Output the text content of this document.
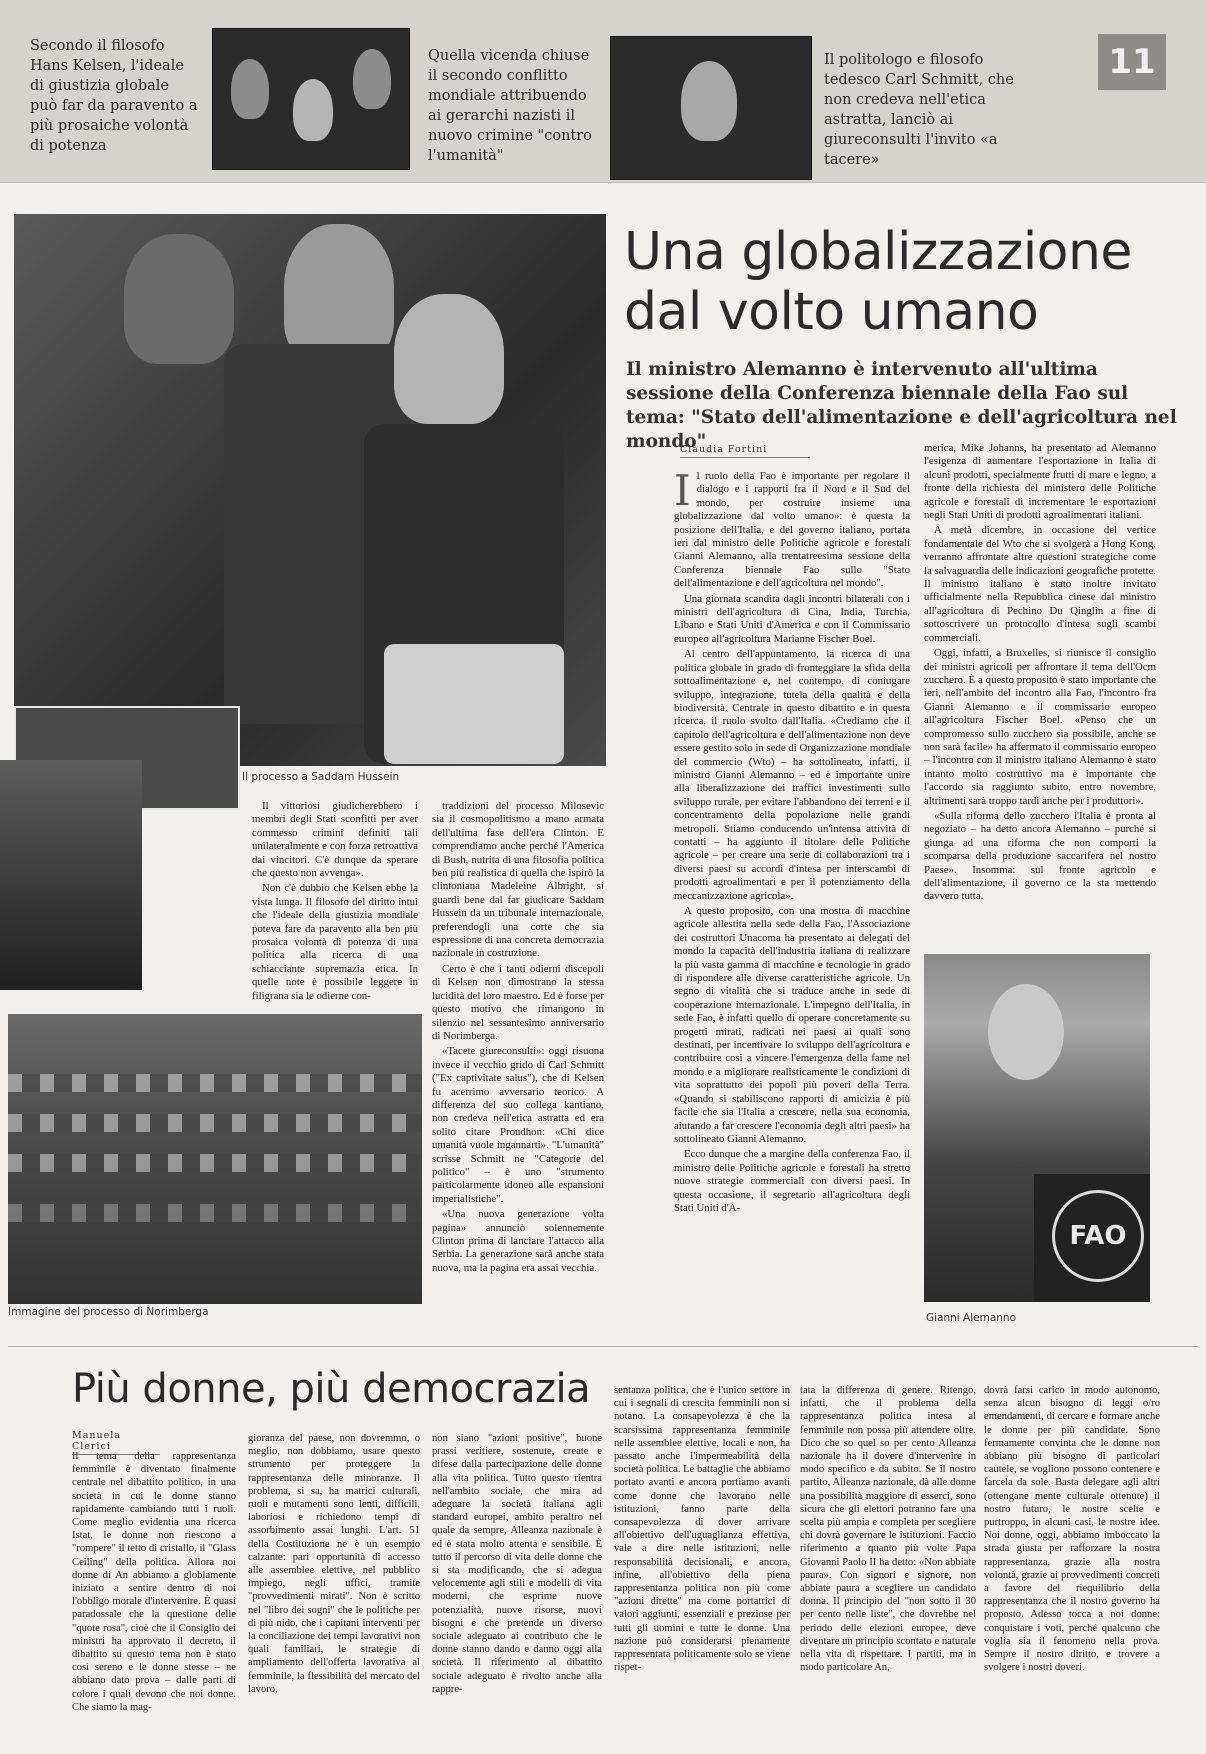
Secondo il filosofo Hans Kelsen, l'ideale di giustizia globale può far da paravento a più prosaiche volontà di potenza
Quella vicenda chiuse il secondo conflitto mondiale attribuendo ai gerarchi nazisti il nuovo crimine "contro l'umanità"
Il politologo e filosofo tedesco Carl Schmitt, che non credeva nell'etica astratta, lanciò ai giureconsulti l'invito «a tacere»
11
Il processo a Saddam Hussein

Il vittoriosi giudicherebbero i membri degli Stati sconfitti per aver commesso crimini definiti tali unilateralmente e con forza retroattiva dai vincitori. C'è dunque da sperare che questo non avvenga».

Non c'è dubbio che Kelsen ebbe la vista lunga. Il filosofo del diritto intuì che l'ideale della giustizia mondiale poteva fare da paravento alla ben più prosaica volontà di potenza di una politica alla ricerca di una schiacciante supremazia etica. In quelle note è possibile leggere in filigrana sia le odierne con-

traddizioni del processo Milosevic sia il cosmopolitismo a mano armata dell'ultima fase dell'era Clinton. E comprendiamo anche perché l'America di Bush, nutrita di una filosofia politica ben più realistica di quella che ispirò la clintoniana Madeleine Albright, si guardi bene dal far giudicare Saddam Hussein da un tribunale internazionale, preferendogli una corte che sia espressione di una concreta democrazia nazionale in costruzione.

Certo è che i tanti odierni discepoli di Kelsen non dimostrano la stessa lucidità del loro maestro. Ed è forse per questo motivo che rimangono in silenzio nel sessantesimo anniversario di Norimberga.

«Tacete giureconsulti»: oggi risuona invece il vecchio grido di Carl Schmitt ("Ex captivitate salus"), che di Kelsen fu acerrimo avversario teorico. A differenza del suo collega kantiano, non credeva nell'etica astratta ed era solito citare Proudhon: «Chi dice umanità vuole ingannarti». "L'umanità" scrisse Schmitt ne "Categorie del politico" – è uno "strumento particolarmente idoneo alle espansioni imperialistiche".

«Una nuova generazione volta pagina» annunciò solennemente Clinton prima di lanciare l'attacco alla Serbia. La generazione sarà anche stata nuova, ma la pagina era assai vecchia.

Immagine del processo di Norimberga
Una globalizzazione
dal volto umano
Il ministro Alemanno è intervenuto all'ultima sessione della Conferenza biennale della Fao sul tema: "Stato dell'alimentazione e dell'agricoltura nel mondo"
Claudia Fortini
I l ruolo della Fao è importante per regolare il dialogo e i rapporti fra il Nord e il Sud del mondo, per costruire insieme una globalizzazione dal volto umano»: è questa la posizione dell'Italia, e del governo italiano, portata ieri dal ministro delle Politiche agricole e forestali Gianni Alemanno, alla trentatreesima sessione della Conferenza biennale Fao sullo "Stato dell'alimentazione e dell'agricoltura nel mondo".

Una giornata scandita dagli incontri bilaterali con i ministri dell'agricoltura di Cina, India, Turchia, Libano e Stati Uniti d'America e con il Commissario europeo all'agricoltura Marianne Fischer Boel.

Al centro dell'appuntamento, la ricerca di una politica globale in grado di fronteggiare la sfida della sottoalimentazione e, nel contempo, di coniugare sviluppo, integrazione, tutela della qualità e della biodiversità. Centrale in questo dibattito e in questa ricerca, il ruolo svolto dall'Italia. «Crediamo che il capitolo dell'agricoltura e dell'alimentazione non deve essere gestito solo in sede di Organizzazione mondiale del commercio (Wto) – ha sottolineato, infatti, il ministro Gianni Alemanno – ed è importante unire alla liberalizzazione dei traffici investimenti sullo sviluppo rurale, per evitare l'abbandono dei terreni e il concentramento della popolazione nelle grandi metropoli. Stiamo conducendo un'intensa attività di contatti – ha aggiunto il titolare delle Politiche agricole – per creare una serie di collaborazioni tra i diversi paesi su accordi d'intesa per interscambi di prodotti agroalimentari e per il potenziamento della meccanizzazione agricola».

A questo proposito, con una mostra di macchine agricole allestita nella sede della Fao, l'Associazione dei costruttori Unacoma ha presentato ai delegati del mondo la capacità dell'industria italiana di realizzare la più vasta gamma di macchine e tecnologie in grado di rispondere alle diverse caratteristiche agricole. Un segno di vitalità che si traduce anche in sede di cooperazione internazionale. L'impegno dell'Italia, in sede Fao, è infatti quello di operare concretamente su progetti mirati, radicati nei paesi ai quali sono destinati, per incentivare lo sviluppo dell'agricoltura e contribuire così a vincere l'emergenza della fame nel mondo e a migliorare realisticamente le condizioni di vita soprattutto dei popoli più poveri della Terra. «Quando si stabiliscono rapporti di amicizia è più facile che sia l'Italia a crescere, nella sua economia, aiutando a far crescere l'economia degli altri paesi» ha sottolineato Gianni Alemanno.

Ecco dunque che a margine della conferenza Fao, il ministro delle Politiche agricole e forestali ha stretto nuove strategie commerciali con diversi paesi. In questa occasione, il segretario all'agricoltura degli Stati Uniti d'A-

merica, Mike Johanns, ha presentato ad Alemanno l'esigenza di aumentare l'esportazione in Italia di alcuni prodotti, specialmente frutti di mare e legno, a fronte della richiesta del ministero delle Politiche agricole e forestali di incrementare le esportazioni negli Stati Uniti di prodotti agroalimentari italiani.

A metà dicembre, in occasione del vertice fondamentale del Wto che si svolgerà a Hong Kong, verranno affrontate altre questioni strategiche come la salvaguardia delle indicazioni geografiche protette. Il ministro italiano è stato inoltre invitato ufficialmente nella Repubblica cinese dal ministro all'agricoltura di Pechino Du Qinglin a fine di sottoscrivere un protocollo d'intesa sugli scambi commerciali.

Oggi, infatti, a Bruxelles, si riunisce il consiglio dei ministri agricoli per affrontare il tema dell'Ocm zucchero. È a questo proposito è stato importante che ieri, nell'ambito del incontro alla Fao, l'incontro fra Gianni Alemanno e il commissario europeo all'agricoltura Fischer Boel. «Penso che un compromesso sullo zucchero sia possibile, anche se non sarà facile» ha affermato il commissario europeo – l'incontro con il ministro italiano Alemanno è stato intanto molto costruttivo ma è importante che l'accordo sia raggiunto subito, entro novembre, altrimenti sarà troppo tardi anche per i produttori».

«Sulla riforma dello zucchero l'Italia è pronta al negoziato – ha detto ancora Alemanno – purché si giunga ad una riforma che non comporti la scomparsa della produzione saccarifera nel nostro Paese». Insomma: sul fronte agricolo e dell'alimentazione, il governo ce la sta mettendo davvero tutta.

FAO
Gianni Alemanno
Più donne, più democrazia
Manuela Clerici

Il tema della rappresentanza femminile è diventato finalmente centrale nel dibattito politico, in una società in cui le donne stanno rapidamente cambiando tutti i ruoli. Come meglio evidentia una ricerca Istat, le donne non riescono a "rompere" il tetto di cristallo, il "Glass Ceiling" della politica. Allora noi donne di An abbiamo a globlamente iniziato a sentire dentro di noi l'obbligo morale d'intervenire. È quasi paradossale che la questione delle "quote rosa", cioè che il Consiglio dei ministri ha approvato il decreto, il dibattito su questo tema non è stato così sereno e le donne stesse – ne abbiano dato prova – dalle parti di colore i quali devono che noi donne. Che siamo la mag-

gioranza del paese, non dovremmo, o meglio, non dobbiamo, usare questo strumento per proteggere la rappresentanza delle minoranze. Il problema, si sa, ha matrici culturali, ruoli e mutamenti sono lenti, difficili, laboriosi e richiedono tempi di assorbimento assai lunghi. L'art. 51 della Costituzione ne è un esempio calzante: pari opportunità di accesso alle assemblee elettive, nel pubblico impiego, negli uffici, tramite "provvedimenti mirati". Non è scritto nel "libro dei sogni" che le politiche per di più nido, che i capitani interventi per la conciliazione dei tempi lavorativi non quali familiari, le strategie di ampliamento dell'offerta lavorativa al femminile, la flessibilità del mercato del lavoro,

non siano "azioni positive", buone prassi veritiere, sostenute, create e difese dalla partecipazione delle donne alla vita politica. Tutto questo rientra nell'ambito sociale, che mira ad adeguare la società italiana agli standard europei, ambito peraltro nel quale da sempre, Alleanza nazionale è ed è stata molto attenta e sensibile. È tutto il percorso di vita delle donne che si sta modificando, che si adegua velocemente agli stili e modelli di vita moderni, che esprime nuove potenzialità, nuove risorse, nuovi bisogni e che pretende un diverso sociale adeguato ai contributo che le donne stanno dando e danno oggi alla società. Il riferimento al dibattito sociale adeguato è rivolto anche alla rappre-

sentanza politica, che è l'unico settore in cui i segnali di crescita femminili non si notano. La consapevolezza è che la scarsissima rappresentanza femminile nelle assemblee elettive, locali e non, ha passato anche l'impermeabilità della società politica. Le battaglie che abbiamo portato avanti e ancora portiamo avanti come donne che lavorano nelle istituzioni, fanno parte della consapevolezza di dover arrivare all'obiettivo dell'uguaglianza effettiva, vale a dire nelle istituzioni, nelle responsabilità decisionali, e ancora, infine, all'obiettivo della piena rappresentanza politica non più come "azioni dirette" ma come portatrici di valori aggiunti, essenziali e preziose per tutti gli uomini e tutte le donne. Una nazione può considerarsi pienamente rappresentata politicamente solo se viene rispet-

tata la differenza di genere. Ritengo, infatti, che il problema della rappresentanza politica intesa al femminile non possa più attendere oltre. Dico che so quel so per cento Alleanza nazionale ha il dovere d'intervenire in modo specifico e da subito. Se il nostro partito, Alleanza nazionale, dà alle donne una possibilità maggiore di esserci, sono sicura che gli elettori potranno fare una scelta più ampia e completa per scegliere chi dovrà governare le istituzioni. Faccio riferimento a quanto più volte Papa Giovanni Paolo II ha detto: «Non abbiate paura». Con signori e signore, non abbiate paura a scegliere un candidato donna. Il principio del "non sotto il 30 per cento nelle liste", che dovrebbe nel periodo delle elezioni europee, deve diventare un principio scontato e naturale nella vita di rispettare. I partiti, ma in modo particolare An,

dovrà farsi carico in modo autonomo, senza alcun bisogno di leggi o/ro emendamenti, di cercare e formare anche le donne per più candidate. Sono fermamente convinta che le donne non abbiano più bisogno di particolari cautele, se vogliono possono contenere e farcela da sole. Basta delegare agli altri (ottengane mente culturale ottenute) il nostro futuro, le nostre scelte e purtroppo, in alcuni casi, le nostre idee. Noi donne, oggi, abbiamo imboccato la strada giusta per rafforzare la nostra rappresentanza, grazie alla nostra volontà, grazie ai provvedimenti concreti a favore del riequilibrio della rappresentanza che il nostro governo ha proposto. Adesso tocca a noi donne: conquistare i voti, perché qualcuno che voglia sia il fenomeno nella prova. Sempre il nostro diritto, e trovere a svolgere i nostri doveri.
